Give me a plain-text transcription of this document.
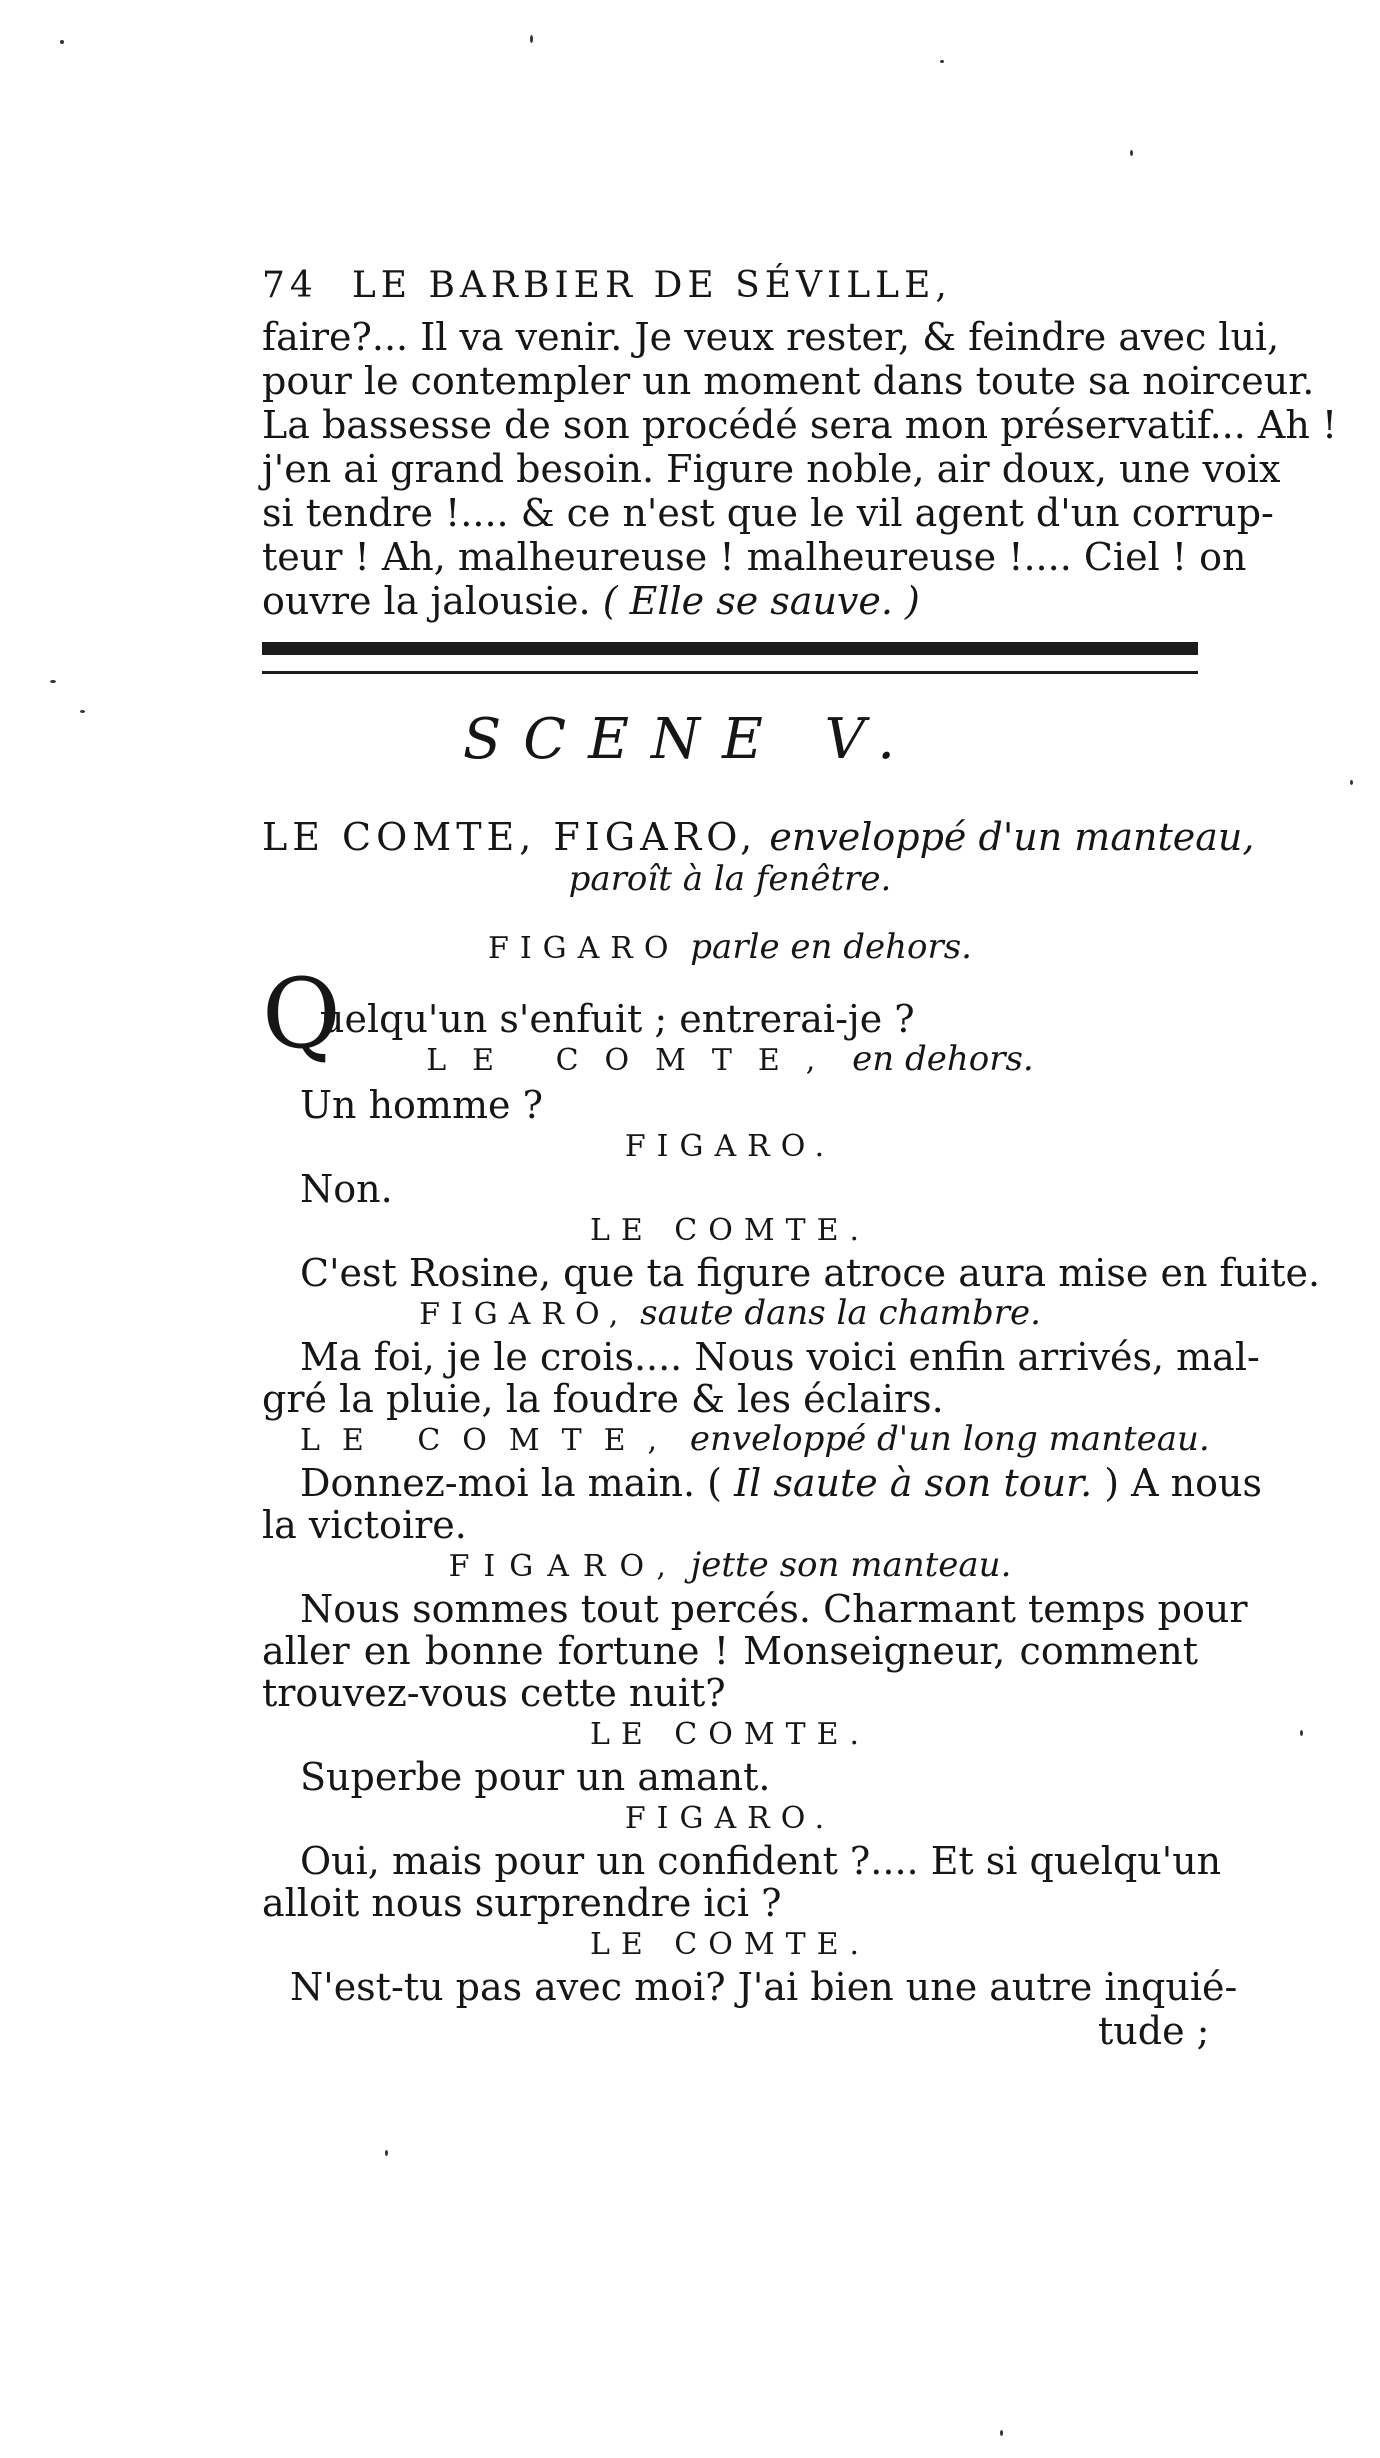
74 LE BARBIER DE SÉVILLE,
faire?... Il va venir. Je veux rester, & feindre avec lui,
pour le contempler un moment dans toute sa noirceur.
La bassesse de son procédé sera mon préservatif... Ah !
j'en ai grand besoin. Figure noble, air doux, une voix
si tendre !.... & ce n'est que le vil agent d'un corrup-
teur ! Ah, malheureuse ! malheureuse !.... Ciel ! on
ouvre la jalousie. ( Elle se sauve. )
SCENE V.
LE COMTE, FIGARO, enveloppé d'un manteau,
paroît à la fenêtre.
FIGARO parle en dehors.
Q
uelqu'un s'enfuit ; entrerai-je ?
LE COMTE, en dehors.
Un homme ?
FIGARO.
Non.
LE COMTE.
C'est Rosine, que ta figure atroce aura mise en fuite.
FIGARO, saute dans la chambre.
Ma foi, je le crois.... Nous voici enfin arrivés, mal-
gré la pluie, la foudre & les éclairs.
LE COMTE, enveloppé d'un long manteau.
Donnez-moi la main. ( Il saute à son tour. ) A nous
la victoire.
FIGARO, jette son manteau.
Nous sommes tout percés. Charmant temps pour
aller en bonne fortune ! Monseigneur, comment
trouvez-vous cette nuit?
LE COMTE.
Superbe pour un amant.
FIGARO.
Oui, mais pour un confident ?.... Et si quelqu'un
alloit nous surprendre ici ?
LE COMTE.
N'est-tu pas avec moi? J'ai bien une autre inquié-
tude ;
